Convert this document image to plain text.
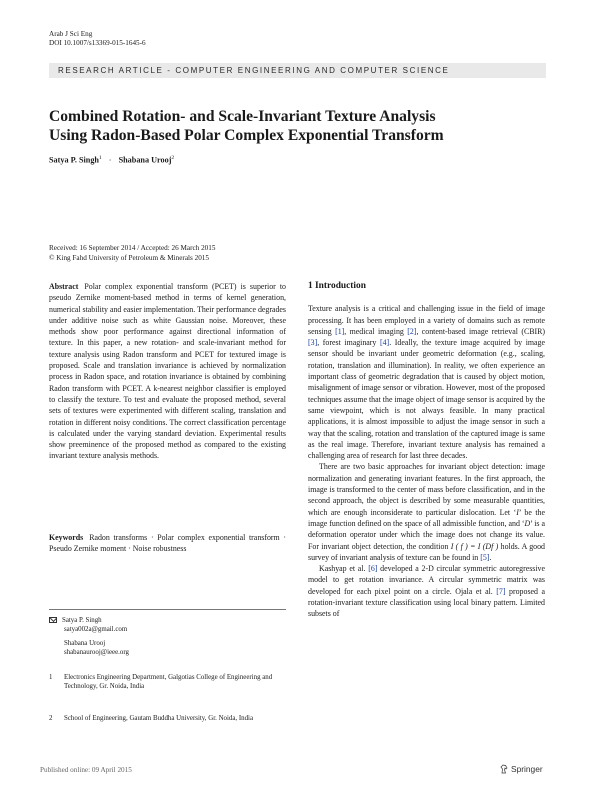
Arab J Sci Eng
DOI 10.1007/s13369-015-1645-6
RESEARCH ARTICLE - COMPUTER ENGINEERING AND COMPUTER SCIENCE
Combined Rotation- and Scale-Invariant Texture Analysis
Using Radon-Based Polar Complex Exponential Transform
Satya P. Singh$^1$ · Shabana Urooj$^2$
Received: 16 September 2014 / Accepted: 26 March 2015
© King Fahd University of Petroleum & Minerals 2015

Abstract Polar complex exponential transform (PCET) is superior to pseudo Zernike moment-based method in terms of kernel generation, numerical stability and easier implementation. Their performance degrades under additive noise such as white Gaussian noise. Moreover, these methods show poor performance against directional information of texture. In this paper, a new rotation- and scale-invariant method for texture analysis using Radon transform and PCET for textured image is proposed. Scale and translation invariance is achieved by normalization process in Radon space, and rotation invariance is obtained by combining Radon transform with PCET. A k-nearest neighbor classifier is employed to classify the texture. To test and evaluate the proposed method, several sets of textures were experimented with different scaling, translation and rotation in different noisy conditions. The correct classification percentage is calculated under the varying standard deviation. Experimental results show preeminence of the proposed method as compared to the existing invariant texture analysis methods.

Keywords Radon transforms · Polar complex exponential transform · Pseudo Zernike moment · Noise robustness

Satya P. Singh
satya002a@gmail.com
Shabana Urooj
shabanaurooj@ieee.org
1	Electronics Engineering Department, Galgotias College of Engineering and Technology, Gr. Noida, India
2	School of Engineering, Gautam Buddha University, Gr. Noida, India
1 Introduction

Texture analysis is a critical and challenging issue in the field of image processing. It has been employed in a variety of domains such as remote sensing [1], medical imaging [2], content-based image retrieval (CBIR) [3], forest imaginary [4]. Ideally, the texture image acquired by image sensor should be invariant under geometric deformation (e.g., scaling, rotation, translation and illumination). In reality, we often experience an important class of geometric degradation that is caused by object motion, misalignment of image sensor or vibration. However, most of the proposed techniques assume that the image object of image sensor is acquired by the same viewpoint, which is not always feasible. In many practical applications, it is almost impossible to adjust the image sensor in such a way that the scaling, rotation and translation of the captured image is same as the real image. Therefore, invariant texture analysis has remained a challenging area of research for last three decades.

There are two basic approaches for invariant object detection: image normalization and generating invariant features. In the first approach, the image is transformed to the center of mass before classification, and in the second approach, the object is described by some measurable quantities, which are enough inconsiderate to particular dislocation. Let ‘I’ be the image function defined on the space of all admissible function, and ‘D’ is a deformation operator under which the image does not change its value. For invariant object detection, the condition I ( f ) = I (Df ) holds. A good survey of invariant analysis of texture can be found in [5].

Kashyap et al. [6] developed a 2-D circular symmetric autoregressive model to get rotation invariance. A circular symmetric matrix was developed for each pixel point on a circle. Ojala et al. [7] proposed a rotation-invariant texture classification using local binary pattern. Limited subsets of

Published online: 09 April 2015	Springer
